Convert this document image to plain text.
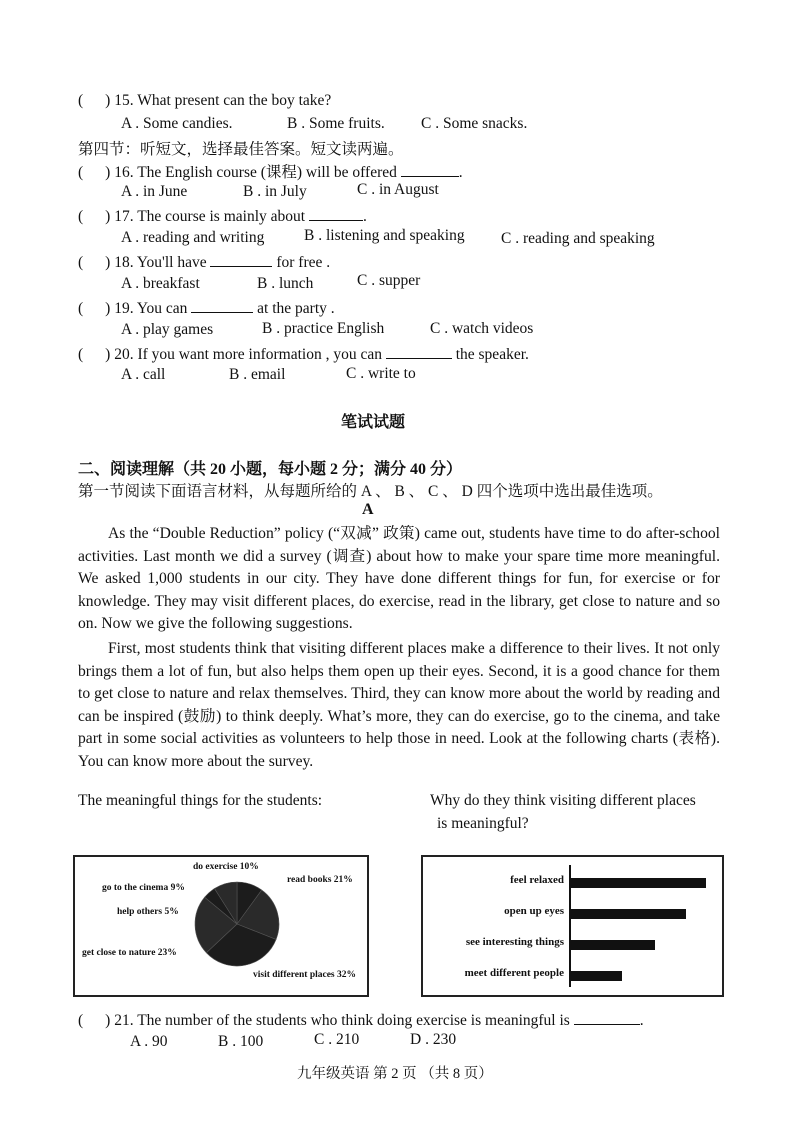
( ) 15. What present can the boy take?
A . Some candies.	B . Some fruits. C . Some snacks.
第四节：听短文，选择最佳答案。短文读两遍。
( ) 16. The English course (课程) will be offered	.
A . in June	B . in July	C . in August
( ) 17. The course is mainly about	.
A . reading and writing	B . listening and speaking C . reading and speaking
( ) 18. You'll have	for free .
A . breakfast	B . lunch	C . supper
( ) 19. You can	at the party .
A . play games	B . practice English	C . watch videos
( ) 20. If you want more information , you can	the speaker.
A . call	B . email	C . write to
笔试试题
二、阅读理解（共 20 小题，每小题 2 分；满分 40 分）
第一节阅读下面语言材料，从每题所给的 A 、 B 、 C 、 D 四个选项中选出最佳选项。
A

As the “Double Reduction” policy (“双减” 政策) came out, students have time to do after-school activities. Last month we did a survey (调查) about how to make your spare time more meaningful. We asked 1,000 students in our city. They have done different things for fun, for exercise or for knowledge. They may visit different places, do exercise, read in the library, get close to nature and so on. Now we give the following suggestions.

First, most students think that visiting different places make a difference to their lives. It not only brings them a lot of fun, but also helps them open up their eyes. Second, it is a good chance for them to get close to nature and relax themselves. Third, they can know more about the world by reading and can be inspired (鼓励) to think deeply. What’s more, they can do exercise, go to the cinema, and take part in some social activities as volunteers to help those in need. Look at the following charts (表格). You can know more about the survey.

The meaningful things for the students:	Why do they think visiting different places
is meaningful?
do exercise 10%
read books 21%
visit different places 32%
get close to nature 23%
help others 5%
go to the cinema 9%
feel relaxed
open up eyes
see interesting things
meet different people
( ) 21. The number of the students who think doing exercise is meaningful is	.
A . 90	B . 100	C . 210	D . 230
九年级英语 第 2 页 （共 8 页）
